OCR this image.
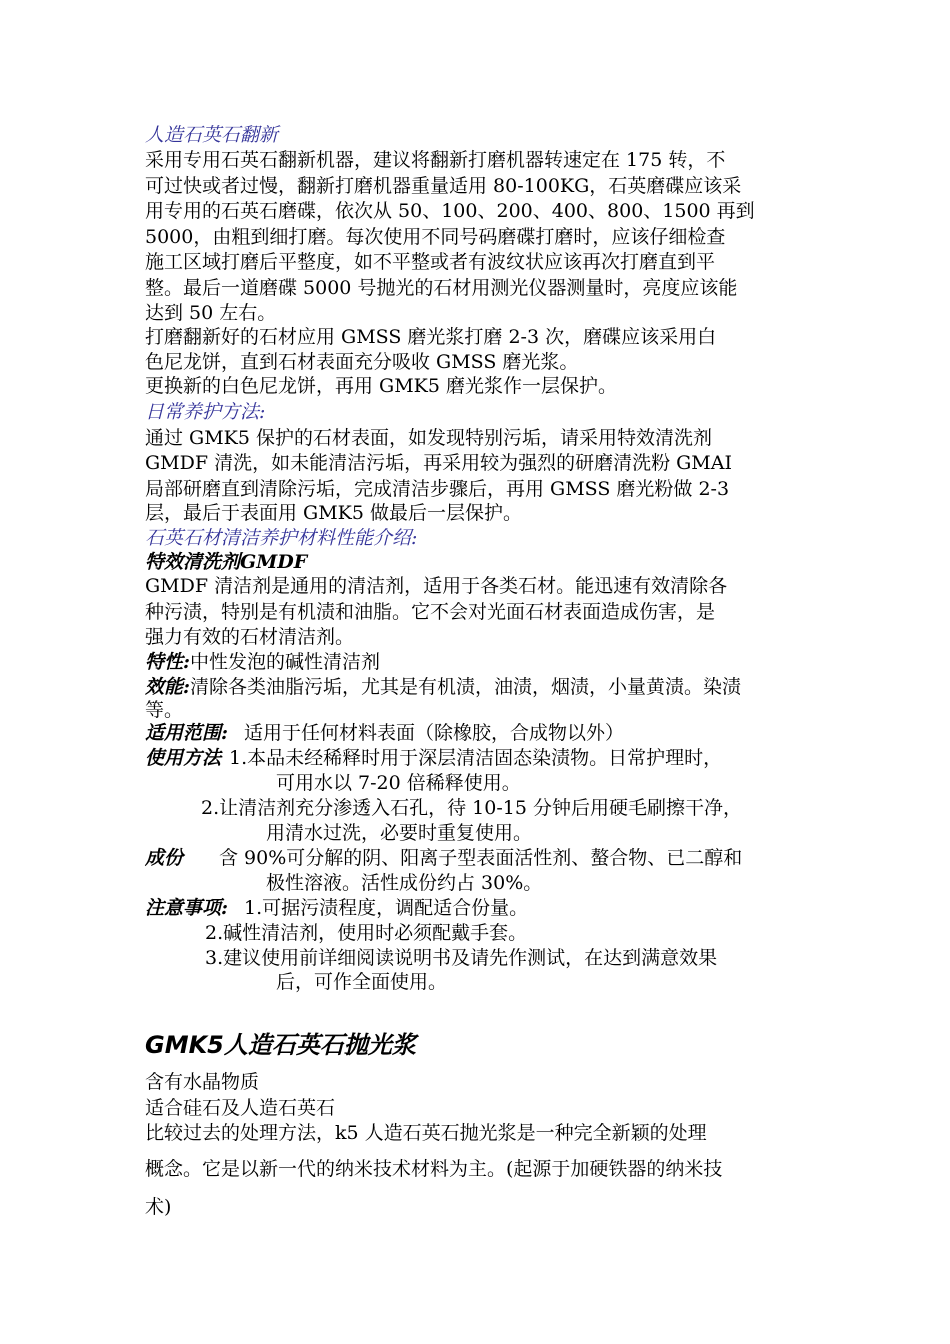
人造石英石翻新
采用专用石英石翻新机器，建议将翻新打磨机器转速定在 175 转，不
可过快或者过慢，翻新打磨机器重量适用 80-100KG，石英磨碟应该采
用专用的石英石磨碟，依次从 50、100、200、400、800、1500 再到
5000，由粗到细打磨。每次使用不同号码磨碟打磨时，应该仔细检查
施工区域打磨后平整度，如不平整或者有波纹状应该再次打磨直到平
整。最后一道磨碟 5000 号抛光的石材用测光仪器测量时，亮度应该能
达到 50 左右。
打磨翻新好的石材应用 GMSS 磨光浆打磨 2-3 次，磨碟应该采用白
色尼龙饼，直到石材表面充分吸收 GMSS 磨光浆。
更换新的白色尼龙饼，再用 GMK5 磨光浆作一层保护。
日常养护方法:
通过 GMK5 保护的石材表面，如发现特别污垢，请采用特效清洗剂
GMDF 清洗，如未能清洁污垢，再采用较为强烈的研磨清洗粉 GMAI
局部研磨直到清除污垢，完成清洁步骤后，再用 GMSS 磨光粉做 2-3
层，最后于表面用 GMK5 做最后一层保护。
石英石材清洁养护材料性能介绍:
特效清洗剂GMDF
GMDF 清洁剂是通用的清洁剂，适用于各类石材。能迅速有效清除各
种污渍，特别是有机渍和油脂。它不会对光面石材表面造成伤害，是
强力有效的石材清洁剂。
特性:中性发泡的碱性清洁剂
效能:清除各类油脂污垢，尤其是有机渍，油渍，烟渍，小量黄渍。染渍
等。
适用范围: 适用于任何材料表面（除橡胶，合成物以外）
使用方法 1.本品未经稀释时用于深层清洁固态染渍物。日常护理时，
可用水以 7-20 倍稀释使用。
2.让清洁剂充分渗透入石孔，待 10-15 分钟后用硬毛刷擦干净，
用清水过洗，必要时重复使用。
成份 含 90%可分解的阴、阳离子型表面活性剂、螯合物、已二醇和
极性溶液。活性成份约占 30%。
注意事项: 1.可据污渍程度，调配适合份量。
2.碱性清洁剂，使用时必须配戴手套。
3.建议使用前详细阅读说明书及请先作测试，在达到满意效果
后，可作全面使用。
GMK5人造石英石抛光浆
含有水晶物质
适合硅石及人造石英石
比较过去的处理方法，k5 人造石英石抛光浆是一种完全新颖的处理
概念。它是以新一代的纳米技术材料为主。(起源于加硬铁器的纳米技
术)
